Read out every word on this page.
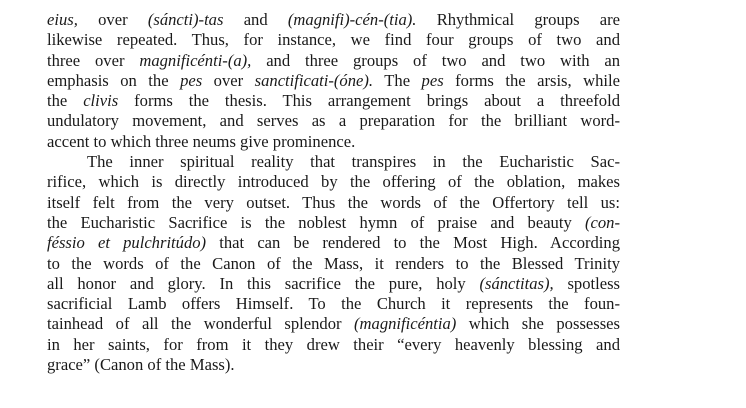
eius, over (sáncti)-tas and (magnifi)-cén-(tia). Rhythmical groups are
likewise repeated. Thus, for instance, we find four groups of two and
three over magnificénti-(a), and three groups of two and two with an
emphasis on the pes over sanctificati-(óne). The pes forms the arsis, while
the clivis forms the thesis. This arrangement brings about a threefold
undulatory movement, and serves as a preparation for the brilliant word-
accent to which three neums give prominence.
The inner spiritual reality that transpires in the Eucharistic Sac-
rifice, which is directly introduced by the offering of the oblation, makes
itself felt from the very outset. Thus the words of the Offertory tell us:
the Eucharistic Sacrifice is the noblest hymn of praise and beauty (con-
féssio et pulchritúdo) that can be rendered to the Most High. According
to the words of the Canon of the Mass, it renders to the Blessed Trinity
all honor and glory. In this sacrifice the pure, holy (sánctitas), spotless
sacrificial Lamb offers Himself. To the Church it represents the foun-
tainhead of all the wonderful splendor (magnificéntia) which she possesses
in her saints, for from it they drew their “every heavenly blessing and
grace” (Canon of the Mass).
